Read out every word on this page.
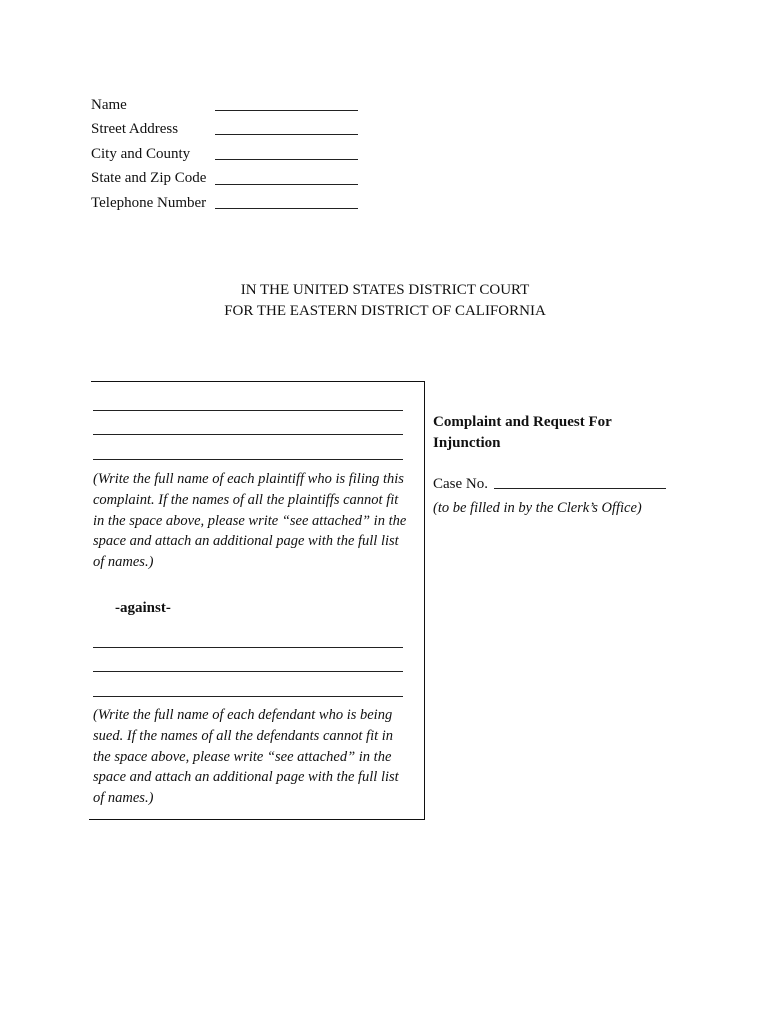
Name
Street Address
City and County
State and Zip Code
Telephone Number
IN THE UNITED STATES DISTRICT COURT
FOR THE EASTERN DISTRICT OF CALIFORNIA
(Write the full name of each plaintiff who is filing this complaint. If the names of all the plaintiffs cannot fit in the space above, please write “see attached” in the space and attach an additional page with the full list of names.)
-against-
(Write the full name of each defendant who is being sued. If the names of all the defendants cannot fit in the space above, please write “see attached” in the space and attach an additional page with the full list of names.)
Complaint and Request For Injunction
Case No.
(to be filled in by the Clerk’s Office)
